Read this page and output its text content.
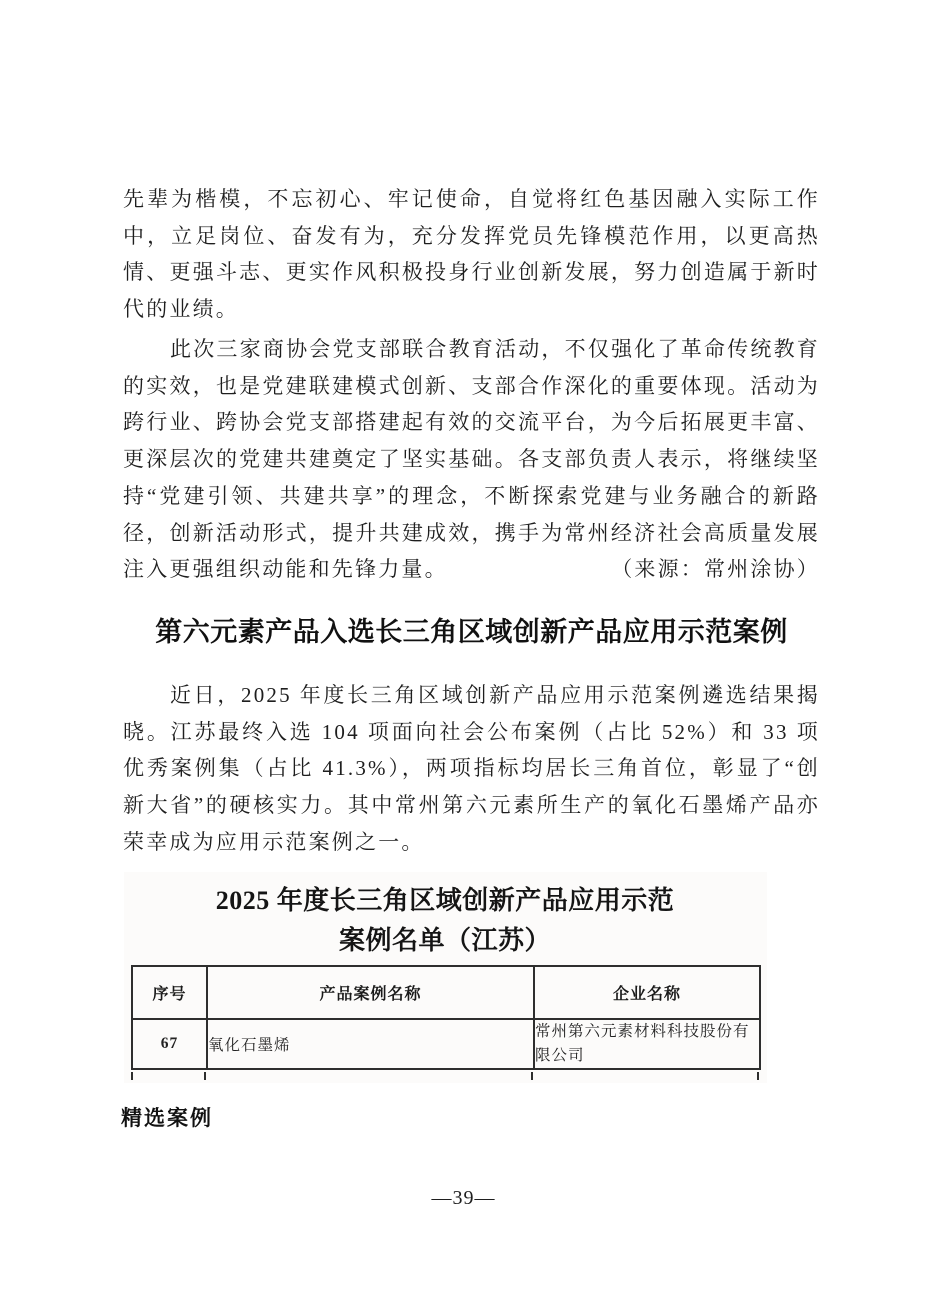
先辈为楷模，不忘初心、牢记使命，自觉将红色基因融入实际工作中，立足岗位、奋发有为，充分发挥党员先锋模范作用，以更高热情、更强斗志、更实作风积极投身行业创新发展，努力创造属于新时代的业绩。

此次三家商协会党支部联合教育活动，不仅强化了革命传统教育的实效，也是党建联建模式创新、支部合作深化的重要体现。活动为跨行业、跨协会党支部搭建起有效的交流平台，为今后拓展更丰富、更深层次的党建共建奠定了坚实基础。各支部负责人表示，将继续坚持“党建引领、共建共享”的理念，不断探索党建与业务融合的新路径，创新活动形式，提升共建成效，携手为常州经济社会高质量发展注入更强组织动能和先锋力量。	（来源：常州涂协）

第六元素产品入选长三角区域创新产品应用示范案例

近日，2025 年度长三角区域创新产品应用示范案例遴选结果揭晓。江苏最终入选 104 项面向社会公布案例（占比 52%）和 33 项优秀案例集（占比 41.3%），两项指标均居长三角首位，彰显了“创新大省”的硬核实力。其中常州第六元素所生产的氧化石墨烯产品亦荣幸成为应用示范案例之一。

2025 年度长三角区域创新产品应用示范
案例名单（江苏）
序号	产品案例名称	企业名称
67	氧化石墨烯	常州第六元素材料科技股份有限公司
精选案例
—39—
